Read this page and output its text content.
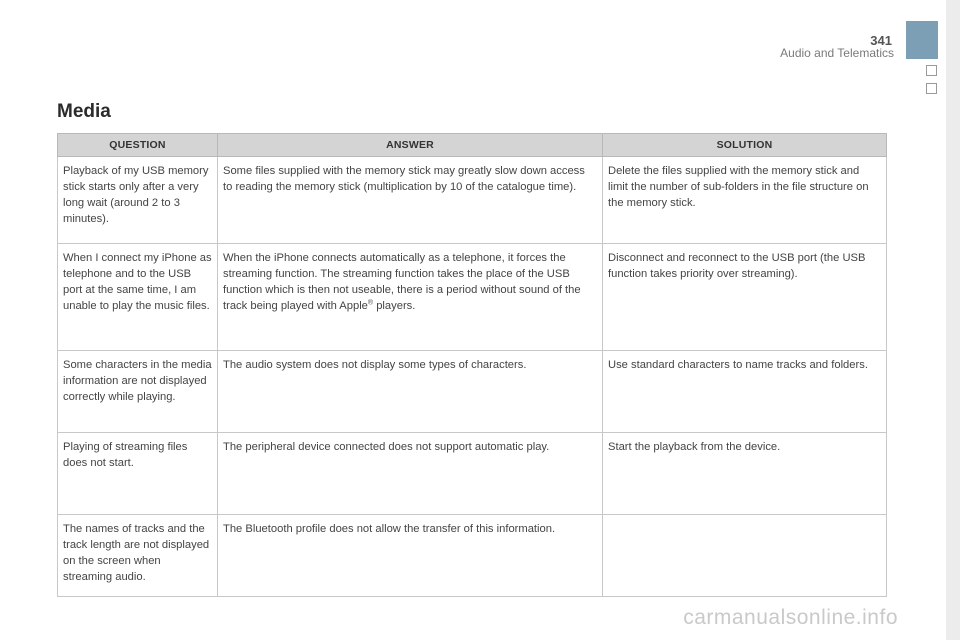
341
Audio and Telematics
Media
QUESTION	ANSWER	SOLUTION
Playback of my USB memory stick starts only after a very long wait (around 2 to 3 minutes).	Some files supplied with the memory stick may greatly slow down access to reading the memory stick (multiplication by 10 of the catalogue time).	Delete the files supplied with the memory stick and limit the number of sub-folders in the file structure on the memory stick.
When I connect my iPhone as telephone and to the USB port at the same time, I am unable to play the music files.	When the iPhone connects automatically as a telephone, it forces the streaming function. The streaming function takes the place of the USB function which is then not useable, there is a period without sound of the track being played with Apple® players.	Disconnect and reconnect to the USB port (the USB function takes priority over streaming).
Some characters in the media information are not displayed correctly while playing.	The audio system does not display some types of characters.	Use standard characters to name tracks and folders.
Playing of streaming files does not start.	The peripheral device connected does not support automatic play.	Start the playback from the device.
The names of tracks and the track length are not displayed on the screen when streaming audio.	The Bluetooth profile does not allow the transfer of this information.	
carmanualsonline.info
